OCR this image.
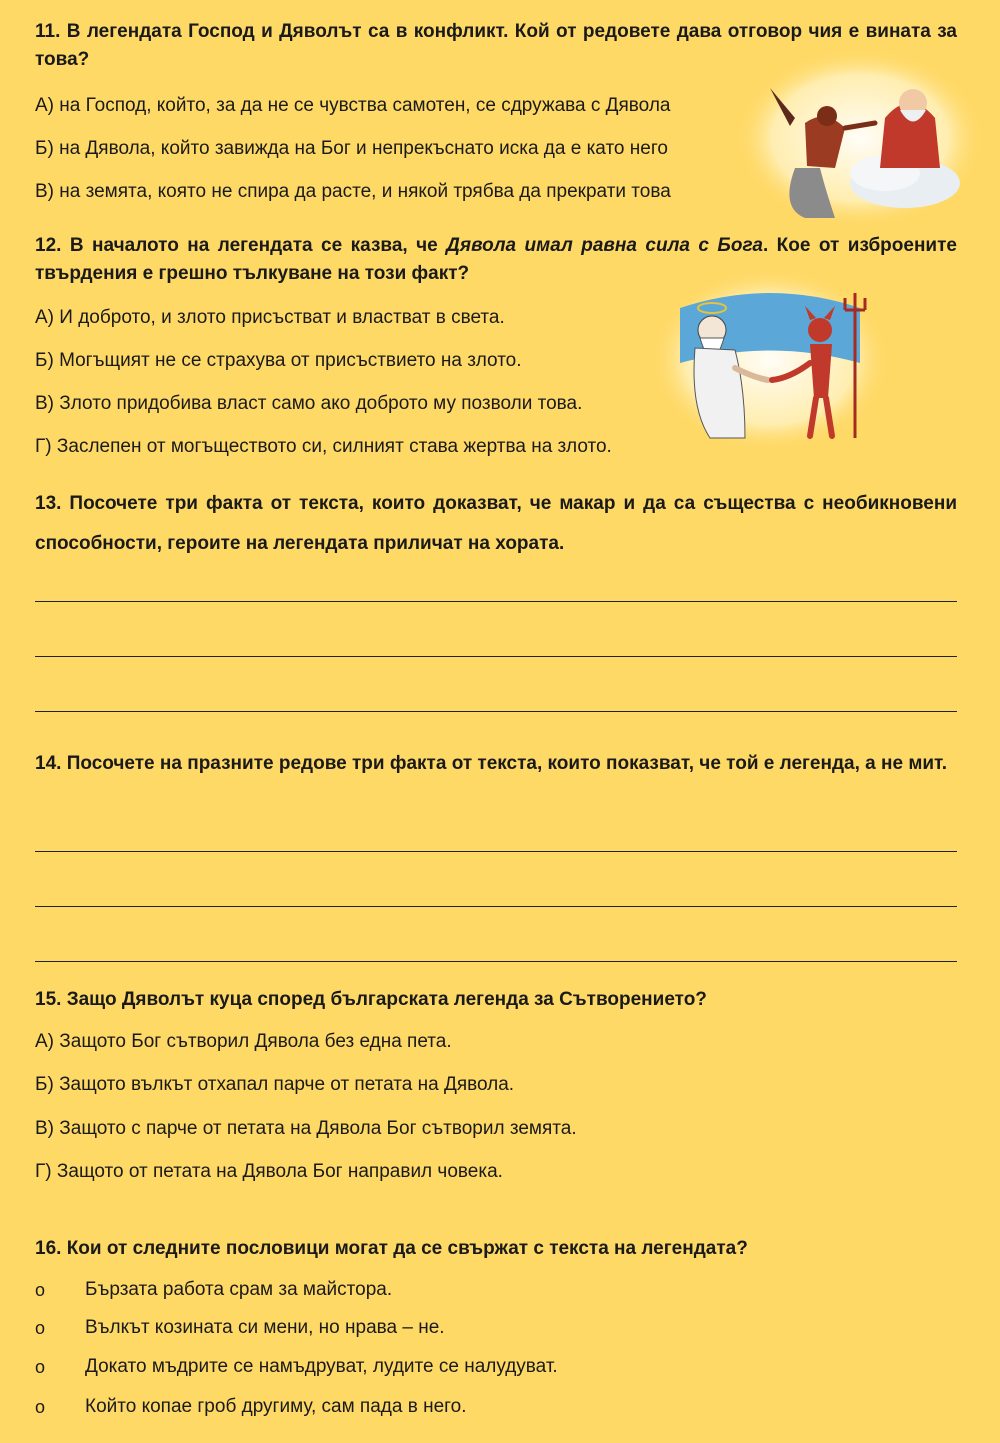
11. В легендата Господ и Дяволът са в конфликт. Кой от редовете дава отговор чия е вината за това?

А) на Господ, който, за да не се чувства самотен, се сдружава с Дявола

Б) на Дявола, който завижда на Бог и непрекъснато иска да е като него

В) на земята, която не спира да расте, и някой трябва да прекрати това

12. В началото на легендата се казва, че Дявола имал равна сила с Бога. Кое от изброените твърдения е грешно тълкуване на този факт?

А) И доброто, и злото присъстват и властват в света.

Б) Могъщият не се страхува от присъствието на злото.

В) Злото придобива власт само ако доброто му позволи това.

Г) Заслепен от могъществото си, силният става жертва на злото.

13. Посочете три факта от текста, които доказват, че макар и да са същества с необикновени способности, героите на легендата приличат на хората.

14. Посочете на празните редове три факта от текста, които показват, че той е легенда, а не мит.

15. Защо Дяволът куца според българската легенда за Сътворението?

А) Защото Бог сътворил Дявола без една пета.

Б) Защото вълкът отхапал парче от петата на Дявола.

В) Защото с парче от петата на Дявола Бог сътворил земята.

Г) Защото от петата на Дявола Бог направил човека.

16. Кои от следните пословици могат да се свържат с текста на легендата?

o Бързата работа срам за майстора.
o Вълкът козината си мени, но нрава – не.
o Докато мъдрите се намъдруват, лудите се налудуват.
o Който копае гроб другиму, сам пада в него.
